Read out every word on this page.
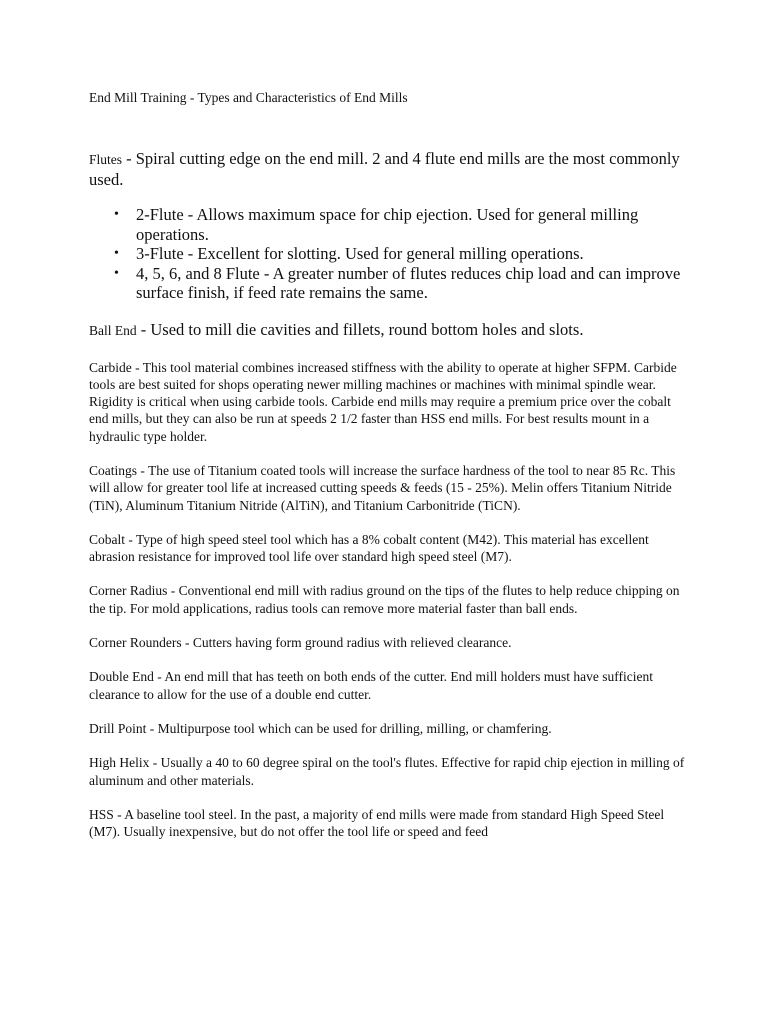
End Mill Training - Types and Characteristics of End Mills

Flutes - Spiral cutting edge on the end mill. 2 and 4 flute end mills are the most commonly used.

• 2-Flute - Allows maximum space for chip ejection. Used for general milling operations.
• 3-Flute - Excellent for slotting. Used for general milling operations.
• 4, 5, 6, and 8 Flute - A greater number of flutes reduces chip load and can improve surface finish, if feed rate remains the same.

Ball End - Used to mill die cavities and fillets, round bottom holes and slots.

Carbide - This tool material combines increased stiffness with the ability to operate at higher SFPM. Carbide tools are best suited for shops operating newer milling machines or machines with minimal spindle wear. Rigidity is critical when using carbide tools. Carbide end mills may require a premium price over the cobalt end mills, but they can also be run at speeds 2 1/2 faster than HSS end mills. For best results mount in a hydraulic type holder.

Coatings - The use of Titanium coated tools will increase the surface hardness of the tool to near 85 Rc. This will allow for greater tool life at increased cutting speeds & feeds (15 - 25%). Melin offers Titanium Nitride (TiN), Aluminum Titanium Nitride (AlTiN), and Titanium Carbonitride (TiCN).

Cobalt - Type of high speed steel tool which has a 8% cobalt content (M42). This material has excellent abrasion resistance for improved tool life over standard high speed steel (M7).

Corner Radius - Conventional end mill with radius ground on the tips of the flutes to help reduce chipping on the tip. For mold applications, radius tools can remove more material faster than ball ends.

Corner Rounders - Cutters having form ground radius with relieved clearance.

Double End - An end mill that has teeth on both ends of the cutter. End mill holders must have sufficient clearance to allow for the use of a double end cutter.

Drill Point - Multipurpose tool which can be used for drilling, milling, or chamfering.

High Helix - Usually a 40 to 60 degree spiral on the tool's flutes. Effective for rapid chip ejection in milling of aluminum and other materials.

HSS - A baseline tool steel. In the past, a majority of end mills were made from standard High Speed Steel (M7). Usually inexpensive, but do not offer the tool life or speed and feed
